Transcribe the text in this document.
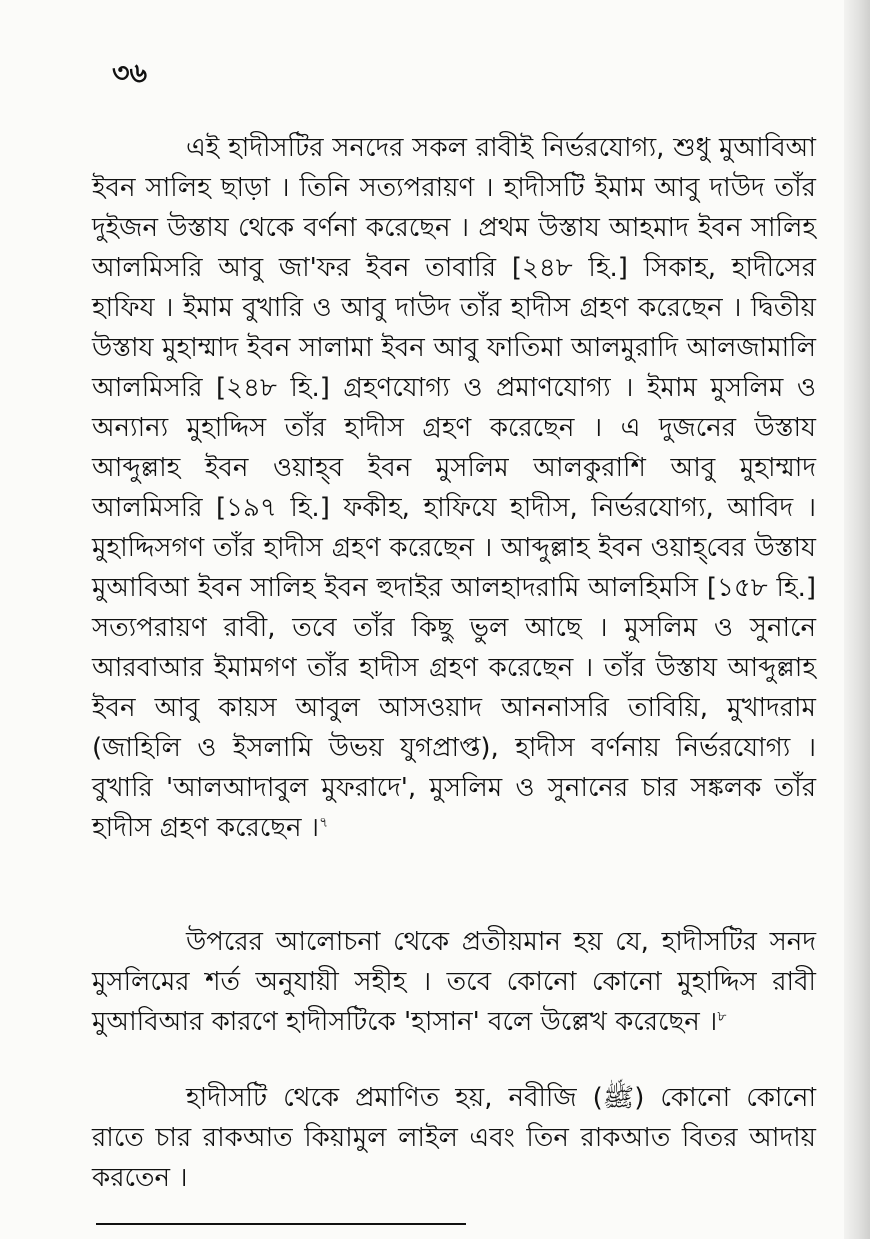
৩৬

এই হাদীসটির সনদের সকল রাবীই নির্ভরযোগ্য, শুধু মুআবিআ ইবন সালিহ ছাড়া । তিনি সত্যপরায়ণ । হাদীসটি ইমাম আবু দাউদ তাঁর দুইজন উস্তায থেকে বর্ণনা করেছেন । প্রথম উস্তায আহমাদ ইবন সালিহ আলমিসরি আবু জা'ফর ইবন তাবারি [২৪৮ হি.] সিকাহ, হাদীসের হাফিয । ইমাম বুখারি ও আবু দাউদ তাঁর হাদীস গ্রহণ করেছেন । দ্বিতীয় উস্তায মুহাম্মাদ ইবন সালামা ইবন আবু ফাতিমা আলমুরাদি আলজামালি আলমিসরি [২৪৮ হি.] গ্রহণযোগ্য ও প্রমাণযোগ্য । ইমাম মুসলিম ও অন্যান্য মুহাদ্দিস তাঁর হাদীস গ্রহণ করেছেন । এ দুজনের উস্তায আব্দুল্লাহ ইবন ওয়াহ্‌ব ইবন মুসলিম আলকুরাশি আবু মুহাম্মাদ আলমিসরি [১৯৭ হি.] ফকীহ, হাফিযে হাদীস, নির্ভরযোগ্য, আবিদ । মুহাদ্দিসগণ তাঁর হাদীস গ্রহণ করেছেন । আব্দুল্লাহ ইবন ওয়াহ্‌বের উস্তায মুআবিআ ইবন সালিহ ইবন হুদাইর আলহাদরামি আলহিমসি [১৫৮ হি.] সত্যপরায়ণ রাবী, তবে তাঁর কিছু ভুল আছে । মুসলিম ও সুনানে আরবাআর ইমামগণ তাঁর হাদীস গ্রহণ করেছেন । তাঁর উস্তায আব্দুল্লাহ ইবন আবু কায়স আবুল আসওয়াদ আননাসরি তাবিয়ি, মুখাদরাম (জাহিলি ও ইসলামি উভয় যুগপ্রাপ্ত), হাদীস বর্ণনায় নির্ভরযোগ্য । বুখারি 'আলআদাবুল মুফরাদে', মুসলিম ও সুনানের চার সঙ্কলক তাঁর হাদীস গ্রহণ করেছেন ।$^৭$

উপরের আলোচনা থেকে প্রতীয়মান হয় যে, হাদীসটির সনদ মুসলিমের শর্ত অনুযায়ী সহীহ । তবে কোনো কোনো মুহাদ্দিস রাবী মুআবিআর কারণে হাদীসটিকে 'হাসান' বলে উল্লেখ করেছেন ।$^৮$

হাদীসটি থেকে প্রমাণিত হয়, নবীজি (ﷺ) কোনো কোনো রাতে চার রাকআত কিয়ামুল লাইল এবং তিন রাকআত বিতর আদায় করতেন ।
